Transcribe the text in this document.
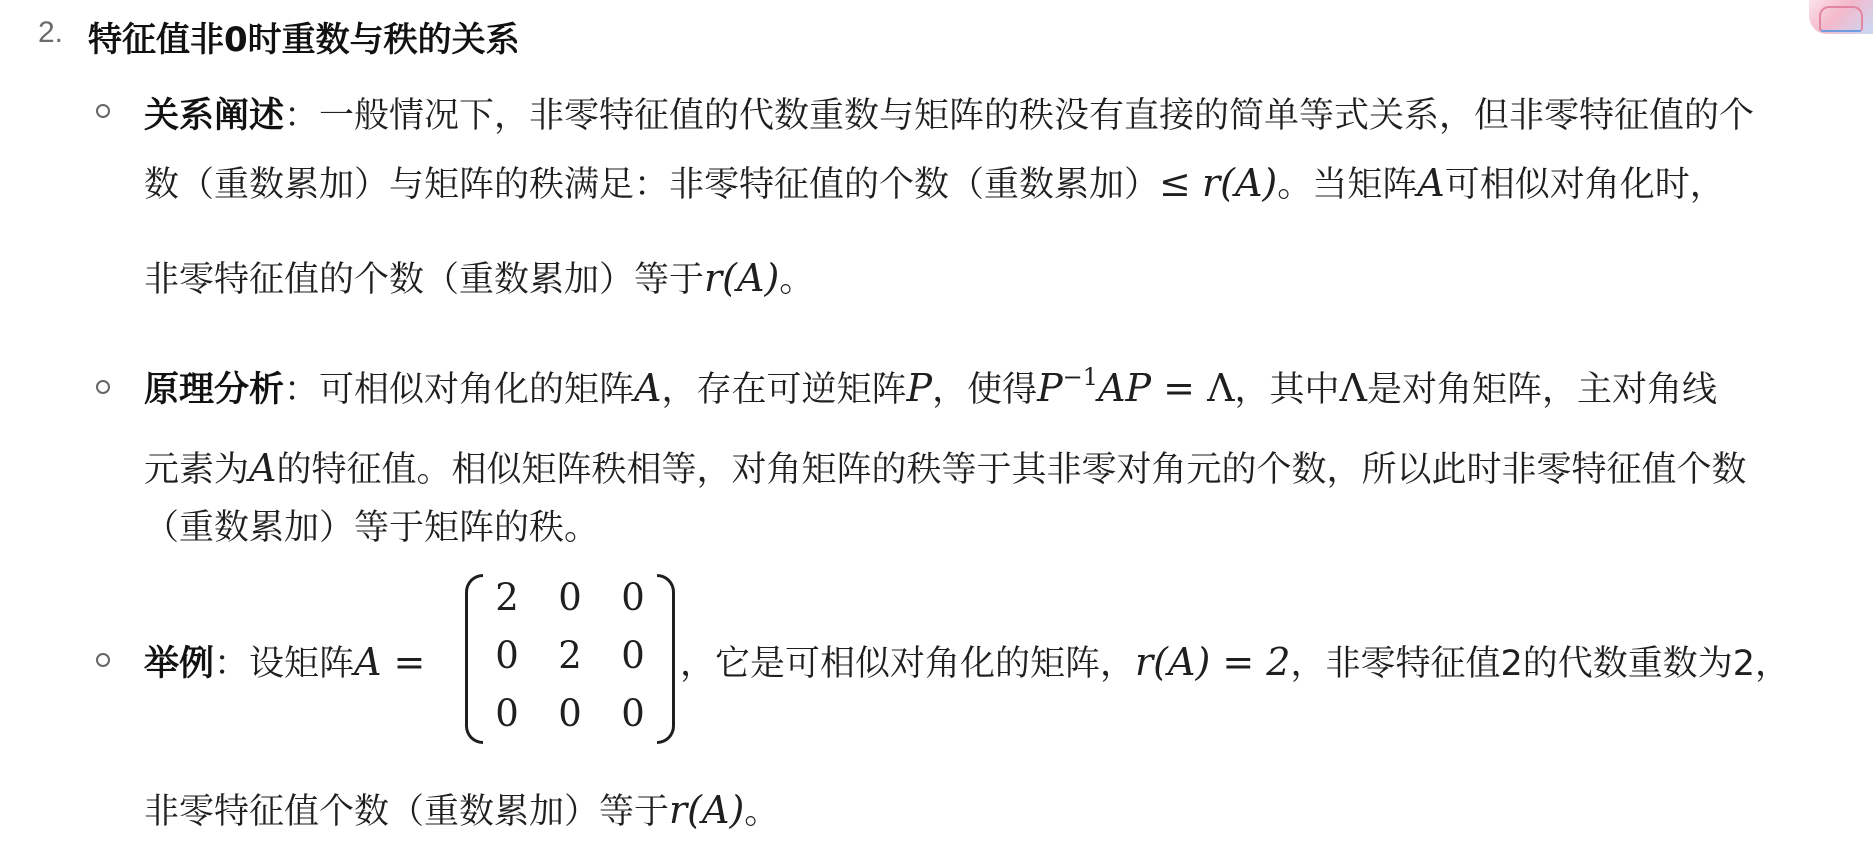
2. 特征值非0时重数与秩的关系
关系阐述：一般情况下，非零特征值的代数重数与矩阵的秩没有直接的简单等式关系，但非零特征值的个
数（重数累加）与矩阵的秩满足：非零特征值的个数（重数累加）≤ r(A)。当矩阵A可相似对角化时，
非零特征值的个数（重数累加）等于r(A)。
原理分析：可相似对角化的矩阵A，存在可逆矩阵P，使得$P^{-1}AP = \Lambda$，其中Λ是对角矩阵，主对角线
元素为A的特征值。相似矩阵秩相等，对角矩阵的秩等于其非零对角元的个数，所以此时非零特征值个数
（重数累加）等于矩阵的秩。
举例：设矩阵A =
2 0 0
0 2 0
0 0 0
，它是可相似对角化的矩阵，r(A) = 2，非零特征值2的代数重数为2，
非零特征值个数（重数累加）等于r(A)。
